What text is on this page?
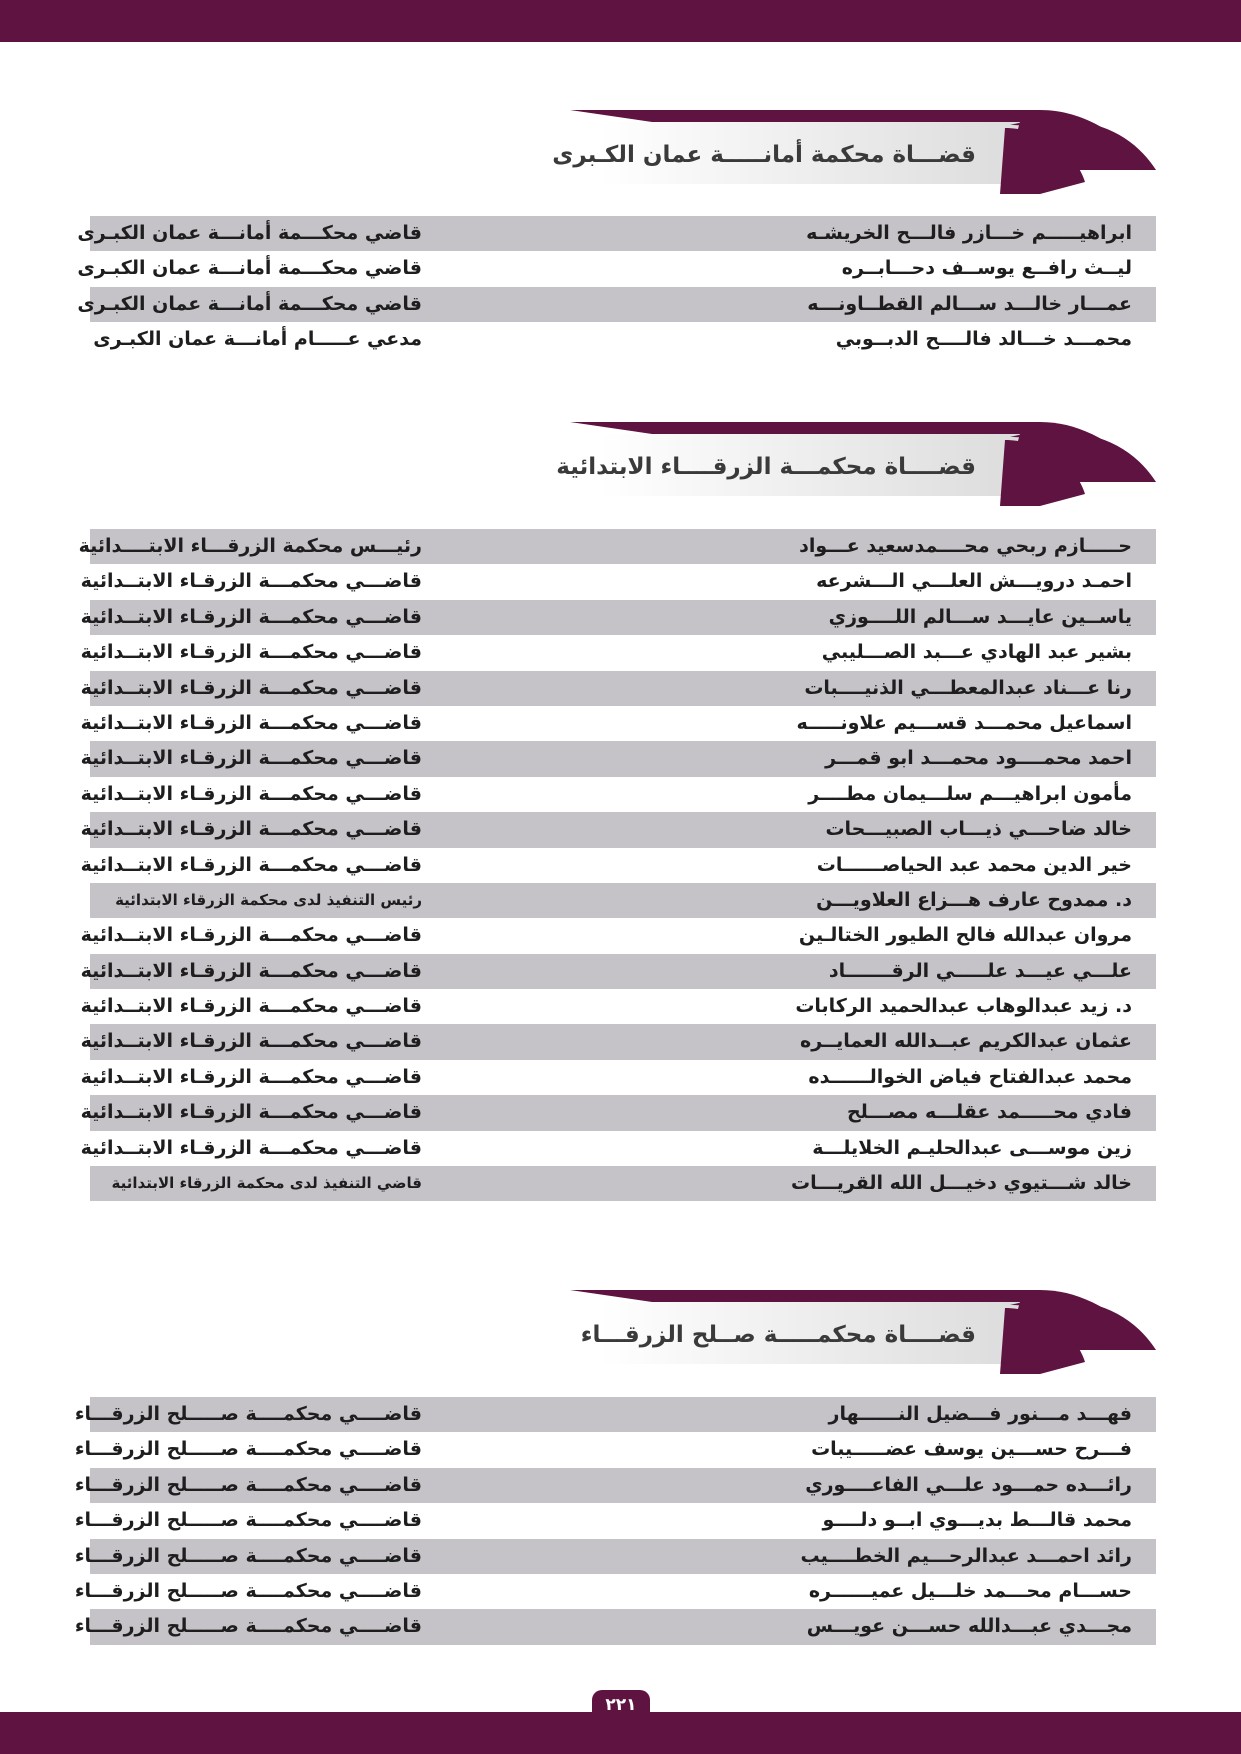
قضـــاة محكمة أمانـــــة عمان الكـبرى
ابراهيـــــم خـــازر فالـــح الخريشـه
قاضي محكـــمة أمانـــة عمان الكبـرى
ليــث رافــع يوســف دحـــابــره
قاضي محكـــمة أمانـــة عمان الكبـرى
عمـــار خالـــد ســـالم القطــاونـــه
قاضي محكـــمة أمانـــة عمان الكبـرى
محمـــد خـــالد فالــــح الدبــوبي
مدعي عـــــام أمانـــة عمان الكبـرى
قضــــاة محكمـــة الزرقــــاء الابتدائية
حـــــازم ربحي محــــمدسعيد عـــواد
رئيـــس محكمة الزرقـــاء الابتــــدائية
احمـد درويـــش العلـــي الـــشرعه
قاضـــي محكمـــة الزرقـاء الابتــدائية
ياســين عايـــد ســـالم اللــــوزي
قاضـــي محكمـــة الزرقـاء الابتــدائية
بشير عبد الهادي عـــبد الصـــليبي
قاضـــي محكمـــة الزرقـاء الابتــدائية
رنا عـــناد عبدالمعطـــي الذنيــــبات
قاضـــي محكمـــة الزرقـاء الابتــدائية
اسماعيل محمـــد قســـيم علاونـــــه
قاضـــي محكمـــة الزرقـاء الابتــدائية
احمد محمــــود محمـــد ابو قمـــر
قاضـــي محكمـــة الزرقـاء الابتــدائية
مأمون ابراهيـــم سلـــيمان مطــــر
قاضـــي محكمـــة الزرقـاء الابتــدائية
خالد ضاحـــي ذيـــاب الصبيـــحات
قاضـــي محكمـــة الزرقـاء الابتــدائية
خير الدين محمد عبد الحياصــــــات
قاضـــي محكمـــة الزرقـاء الابتــدائية
د. ممدوح عارف هـــزاع العلاويـــن
رئيس التنفيذ لدى محكمة الزرقاء الابتدائية
مروان عبدالله فالح الطيور الختالـين
قاضـــي محكمـــة الزرقـاء الابتــدائية
علـــي عيـــد علـــــي الرقـــــــاد
قاضـــي محكمـــة الزرقـاء الابتــدائية
د. زيد عبدالوهاب عبدالحميد الركابات
قاضـــي محكمـــة الزرقـاء الابتــدائية
عثمان عبدالكريم عبــدالله العمايــره
قاضـــي محكمـــة الزرقـاء الابتــدائية
محمد عبدالفتاح فياض الخوالــــــده
قاضـــي محكمـــة الزرقـاء الابتــدائية
فادي محـــــمد عقلـــه مصـــلح
قاضـــي محكمـــة الزرقـاء الابتــدائية
زين موســـى عبدالحليـم الخلايلـــة
قاضـــي محكمـــة الزرقـاء الابتــدائية
خالد شـــتيوي دخيـــل الله القريـــات
قاضي التنفيذ لدى محكمة الزرقاء الابتدائية
قضــــاة محكمـــــة صــلح الزرقـــاء
فهـــد مـــنور فـــضيل النــــــهار
قاضــــي محكمــــة صـــــلح الزرقـــاء
فـــرح حســـين يوسف عضـــــيبات
قاضــــي محكمــــة صـــــلح الزرقـــاء
رائـــده حمـــود علـــي الفاعــــوري
قاضــــي محكمــــة صـــــلح الزرقـــاء
محمد قالـــط بديـــوي ابــو دلــــو
قاضــــي محكمــــة صـــــلح الزرقـــاء
رائد احمـــد عبدالرحـــيم الخطــــيب
قاضــــي محكمــــة صـــــلح الزرقـــاء
حســـام محـــمد خلـــيل عميــــــره
قاضــــي محكمــــة صـــــلح الزرقـــاء
مجـــدي عبـــدالله حســـن عويـــس
قاضــــي محكمــــة صـــــلح الزرقـــاء
٢٢١
